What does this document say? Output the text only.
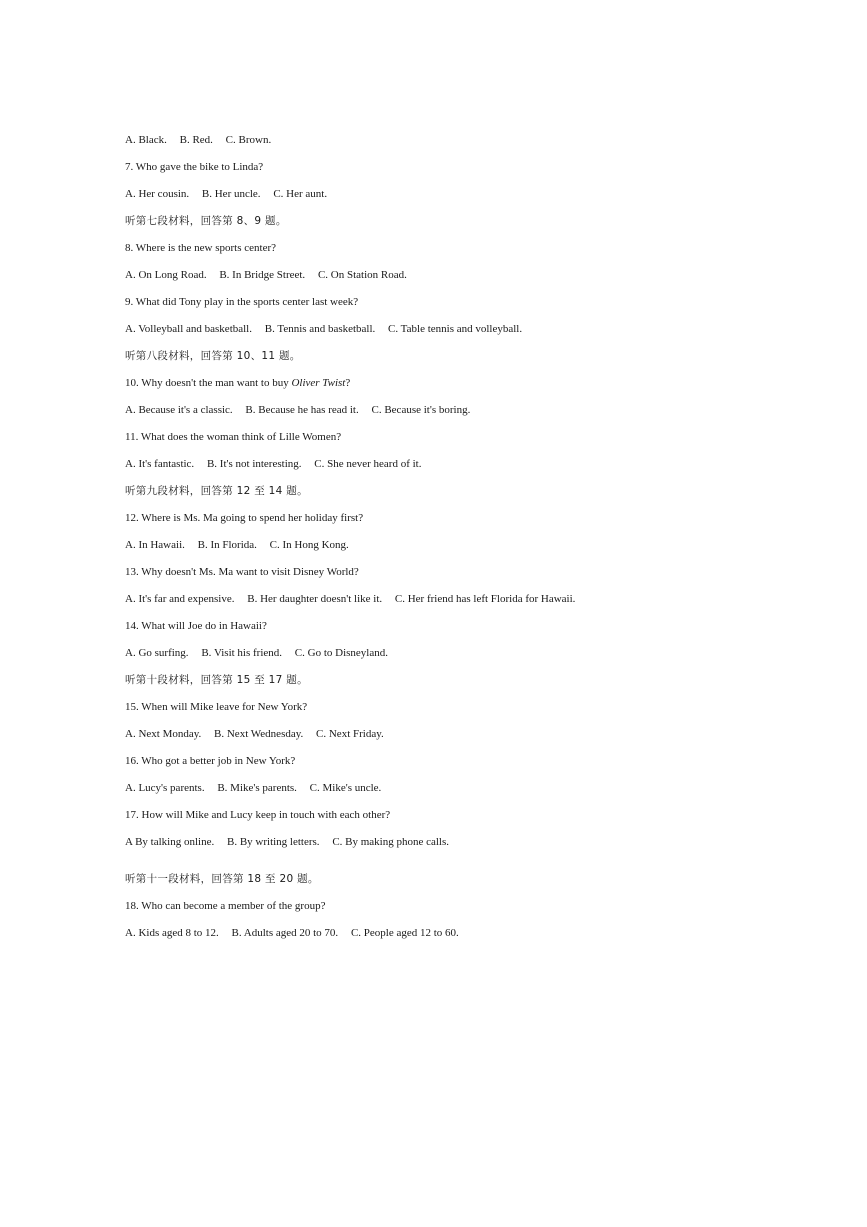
A. Black. B. Red. C. Brown.
7. Who gave the bike to Linda?
A. Her cousin. B. Her uncle. C. Her aunt.
听第七段材料，回答第 8、9 题。
8. Where is the new sports center?
A. On Long Road. B. In Bridge Street. C. On Station Road.
9. What did Tony play in the sports center last week?
A. Volleyball and basketball. B. Tennis and basketball. C. Table tennis and volleyball.
听第八段材料，回答第 10、11 题。
10. Why doesn't the man want to buy Oliver Twist?
A. Because it's a classic. B. Because he has read it. C. Because it's boring.
11. What does the woman think of Lille Women?
A. It's fantastic. B. It's not interesting. C. She never heard of it.
听第九段材料，回答第 12 至 14 题。
12. Where is Ms. Ma going to spend her holiday first?
A. In Hawaii. B. In Florida. C. In Hong Kong.
13. Why doesn't Ms. Ma want to visit Disney World?
A. It's far and expensive. B. Her daughter doesn't like it. C. Her friend has left Florida for Hawaii.
14. What will Joe do in Hawaii?
A. Go surfing. B. Visit his friend. C. Go to Disneyland.
听第十段材料，回答第 15 至 17 题。
15. When will Mike leave for New York?
A. Next Monday. B. Next Wednesday. C. Next Friday.
16. Who got a better job in New York?
A. Lucy's parents. B. Mike's parents. C. Mike's uncle.
17. How will Mike and Lucy keep in touch with each other?
A By talking online. B. By writing letters. C. By making phone calls.
听第十一段材料，回答第 18 至 20 题。
18. Who can become a member of the group?
A. Kids aged 8 to 12. B. Adults aged 20 to 70. C. People aged 12 to 60.
